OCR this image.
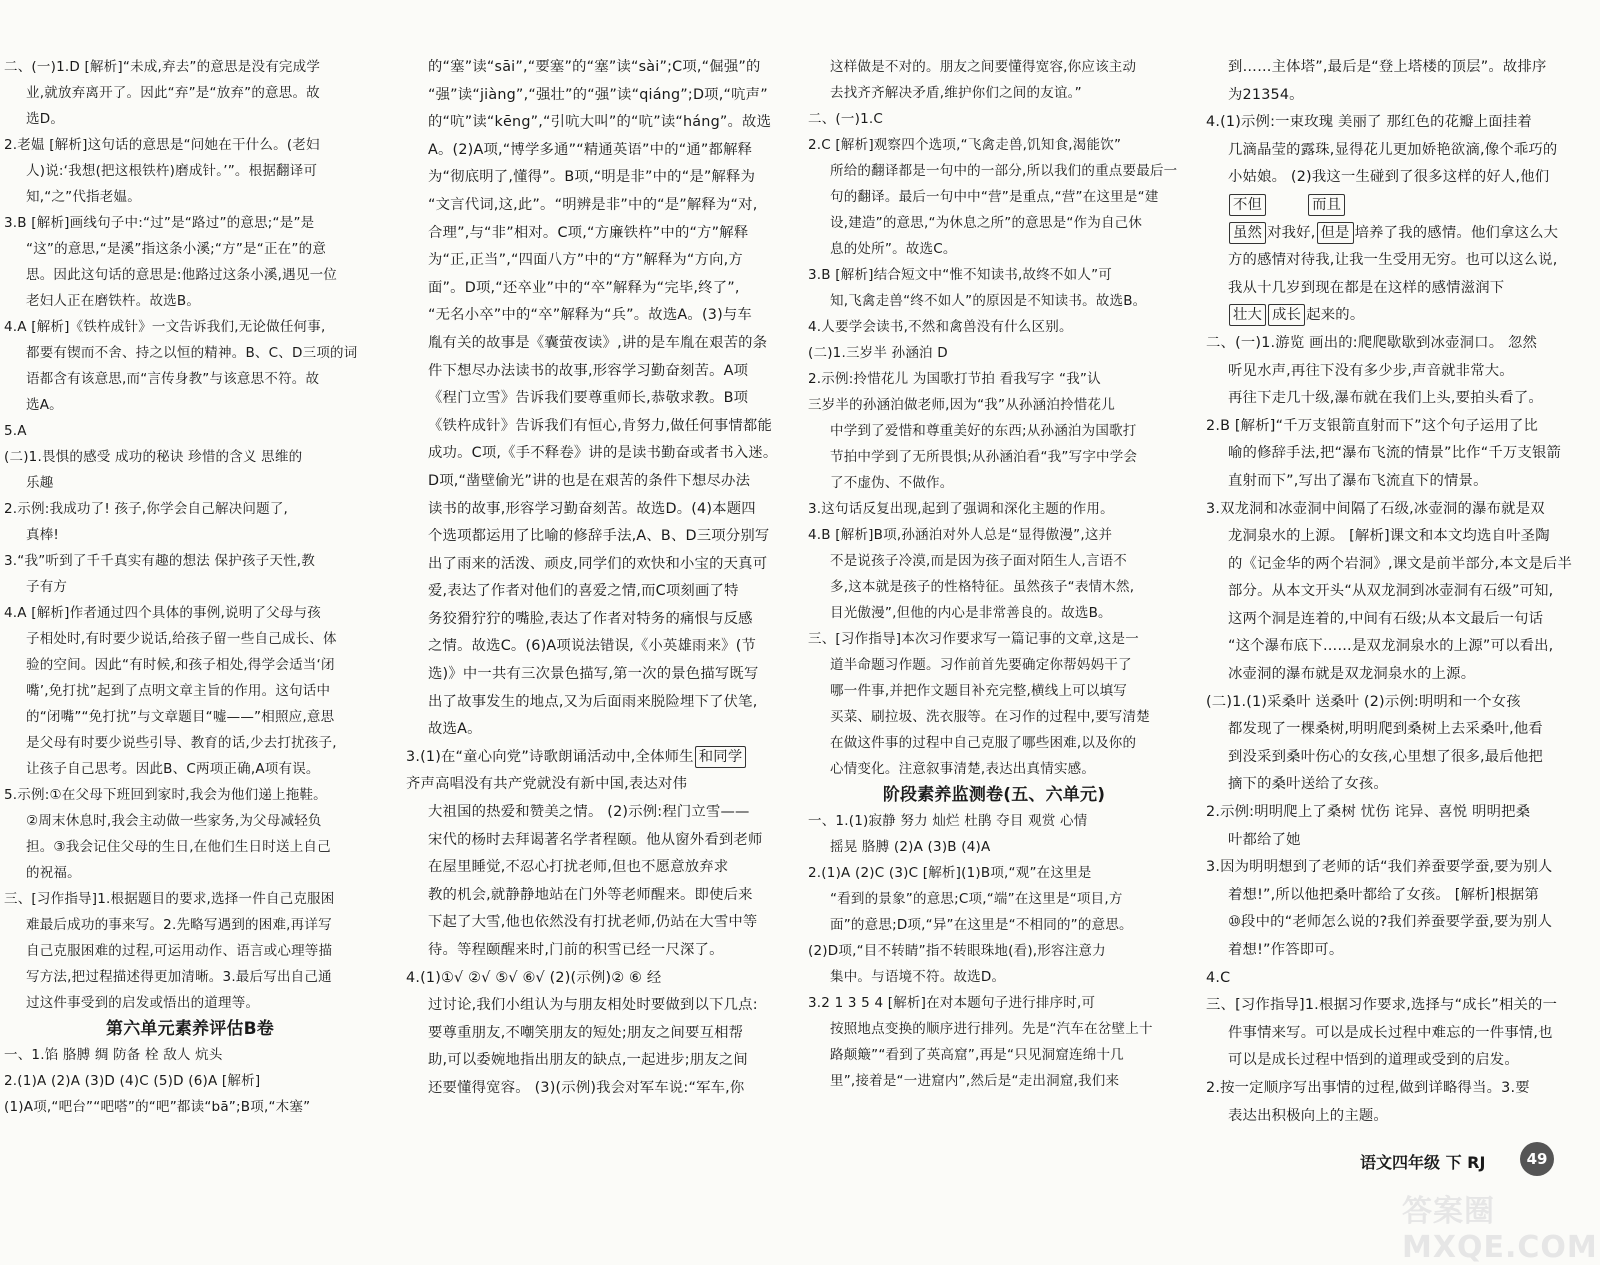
二、(一)1.D [解析]“未成,弃去”的意思是没有完成学

业,就放弃离开了。因此“弃”是“放弃”的意思。故

选D。

2.老媪 [解析]这句话的意思是“问她在干什么。(老妇

人)说:‘我想(把这根铁杵)磨成针。’”。根据翻译可

知,“之”代指老媪。

3.B [解析]画线句子中:“过”是“路过”的意思;“是”是

“这”的意思,“是溪”指这条小溪;“方”是“正在”的意

思。因此这句话的意思是:他路过这条小溪,遇见一位

老妇人正在磨铁杵。故选B。

4.A [解析]《铁杵成针》一文告诉我们,无论做任何事,

都要有锲而不舍、持之以恒的精神。B、C、D三项的词

语都含有该意思,而“言传身教”与该意思不符。故

选A。

5.A

(二)1.畏惧的感受 成功的秘诀 珍惜的含义 思维的

乐趣

2.示例:我成功了! 孩子,你学会自己解决问题了,

真棒!

3.“我”听到了千千真实有趣的想法 保护孩子天性,教

子有方

4.A [解析]作者通过四个具体的事例,说明了父母与孩

子相处时,有时要少说话,给孩子留一些自己成长、体

验的空间。因此“有时候,和孩子相处,得学会适当‘闭

嘴’,免打扰”起到了点明文章主旨的作用。这句话中

的“闭嘴”“免打扰”与文章题目“嘘——”相照应,意思

是父母有时要少说些引导、教育的话,少去打扰孩子,

让孩子自己思考。因此B、C两项正确,A项有误。

5.示例:①在父母下班回到家时,我会为他们递上拖鞋。

②周末休息时,我会主动做一些家务,为父母减轻负

担。③我会记住父母的生日,在他们生日时送上自己

的祝福。

三、[习作指导]1.根据题目的要求,选择一件自己克服困

难最后成功的事来写。2.先略写遇到的困难,再详写

自己克服困难的过程,可运用动作、语言或心理等描

写方法,把过程描述得更加清晰。3.最后写出自己通

过这件事受到的启发或悟出的道理等。

第六单元素养评估B卷

一、1.馅 胳膊 绸 防备 栓 敌人 炕头

2.(1)A (2)A (3)D (4)C (5)D (6)A [解析]

(1)A项,“吧台”“吧嗒”的“吧”都读“bā”;B项,“木塞”

的“塞”读“sāi”,“要塞”的“塞”读“sài”;C项,“倔强”的

“强”读“jiàng”,“强壮”的“强”读“qiáng”;D项,“吭声”

的“吭”读“kēng”,“引吭大叫”的“吭”读“háng”。故选

A。(2)A项,“博学多通”“精通英语”中的“通”都解释

为“彻底明了,懂得”。B项,“明是非”中的“是”解释为

“文言代词,这,此”。“明辨是非”中的“是”解释为“对,

合理”,与“非”相对。C项,“方廉铁杵”中的“方”解释

为“正,正当”,“四面八方”中的“方”解释为“方向,方

面”。D项,“还卒业”中的“卒”解释为“完毕,终了”,

“无名小卒”中的“卒”解释为“兵”。故选A。(3)与车

胤有关的故事是《囊萤夜读》,讲的是车胤在艰苦的条

件下想尽办法读书的故事,形容学习勤奋刻苦。A项

《程门立雪》告诉我们要尊重师长,恭敬求教。B项

《铁杵成针》告诉我们有恒心,肯努力,做任何事情都能

成功。C项,《手不释卷》讲的是读书勤奋或者书入迷。

D项,“凿壁偷光”讲的也是在艰苦的条件下想尽办法

读书的故事,形容学习勤奋刻苦。故选D。(4)本题四

个选项都运用了比喻的修辞手法,A、B、D三项分别写

出了雨来的活泼、顽皮,同学们的欢快和小宝的天真可

爱,表达了作者对他们的喜爱之情,而C项刻画了特

务狡猾狞狞的嘴脸,表达了作者对特务的痛恨与反感

之情。故选C。(6)A项说法错误,《小英雄雨来》(节

选)》中一共有三次景色描写,第一次的景色描写既写

出了故事发生的地点,又为后面雨来脱险埋下了伏笔,

故选A。

3.(1)在“童心向党”诗歌朗诵活动中,全体师生 和同学

齐声高唱没有共产党就没有新中国,表达对伟

大祖国的热爱和赞美之情。 (2)示例:程门立雪——

宋代的杨时去拜谒著名学者程颐。他从窗外看到老师

在屋里睡觉,不忍心打扰老师,但也不愿意放弃求

教的机会,就静静地站在门外等老师醒来。即使后来

下起了大雪,他也依然没有打扰老师,仍站在大雪中等

待。等程颐醒来时,门前的积雪已经一尺深了。

4.(1)①√ ②√ ⑤√ ⑥√ (2)(示例)② ⑥ 经

过讨论,我们小组认为与朋友相处时要做到以下几点:

要尊重朋友,不嘲笑朋友的短处;朋友之间要互相帮

助,可以委婉地指出朋友的缺点,一起进步;朋友之间

还要懂得宽容。 (3)(示例)我会对军车说:“军车,你

这样做是不对的。朋友之间要懂得宽容,你应该主动

去找齐齐解决矛盾,维护你们之间的友谊。”

二、(一)1.C

2.C [解析]观察四个选项,“飞禽走兽,饥知食,渴能饮”

所给的翻译都是一句中的一部分,所以我们的重点要最后一

句的翻译。最后一句中中“营”是重点,“营”在这里是“建

设,建造”的意思,“为休息之所”的意思是“作为自己休

息的处所”。故选C。

3.B [解析]结合短文中“惟不知读书,故终不如人”可

知,飞禽走兽“终不如人”的原因是不知读书。故选B。

4.人要学会读书,不然和禽兽没有什么区别。

(二)1.三岁半 孙涵泊 D

2.示例:拎惜花儿 为国歌打节拍 看我写字 “我”认

三岁半的孙涵泊做老师,因为“我”从孙涵泊拎惜花儿

中学到了爱惜和尊重美好的东西;从孙涵泊为国歌打

节拍中学到了无所畏惧;从孙涵泊看“我”写字中学会

了不虚伪、不做作。

3.这句话反复出现,起到了强调和深化主题的作用。

4.B [解析]B项,孙涵泊对外人总是“显得傲漫”,这并

不是说孩子冷漠,而是因为孩子面对陌生人,言语不

多,这本就是孩子的性格特征。虽然孩子“表情木然,

目光傲漫”,但他的内心是非常善良的。故选B。

三、[习作指导]本次习作要求写一篇记事的文章,这是一

道半命题习作题。习作前首先要确定你帮妈妈干了

哪一件事,并把作文题目补充完整,横线上可以填写

买菜、刷拉圾、洗衣服等。在习作的过程中,要写清楚

在做这件事的过程中自己克服了哪些困难,以及你的

心情变化。注意叙事清楚,表达出真情实感。

阶段素养监测卷(五、六单元)

一、1.(1)寂静 努力 灿烂 杜鹃 夺目 观赏 心情

摇晃 胳膊 (2)A (3)B (4)A

2.(1)A (2)C (3)C [解析](1)B项,“观”在这里是

“看到的景象”的意思;C项,“端”在这里是“项目,方

面”的意思;D项,“异”在这里是“不相同的”的意思。

(2)D项,“目不转睛”指不转眼珠地(看),形容注意力

集中。与语境不符。故选D。

3.2 1 3 5 4 [解析]在对本题句子进行排序时,可

按照地点变换的顺序进行排列。先是“汽车在岔壁上十

路颠簸”“看到了英高窟”,再是“只见洞窟连绵十几

里”,接着是“一进窟内”,然后是“走出洞窟,我们来

到……主体塔”,最后是“登上塔楼的顶层”。故排序

为21354。

4.(1)示例:一束玫瑰 美丽了 那红色的花瓣上面挂着

几滴晶莹的露珠,显得花儿更加娇艳欲滴,像个乖巧的

小姑娘。 (2)我这一生碰到了很多这样的好人,他们

不但	而且

虽然 对我好, 但是 培养了我的感情。他们拿这么大

方的感情对待我,让我一生受用无穷。也可以这么说,

我从十几岁到现在都是在这样的感情滋润下

壮大 成长 起来的。

二、(一)1.游览 画出的:爬爬歇歇到冰壶洞口。 忽然

听见水声,再往下没有多少步,声音就非常大。

再往下走几十级,瀑布就在我们上头,要拍头看了。

2.B [解析]“千万支银箭直射而下”这个句子运用了比

喻的修辞手法,把“瀑布飞流的情景”比作“千万支银箭

直射而下”,写出了瀑布飞流直下的情景。

3.双龙洞和冰壶洞中间隔了石级,冰壶洞的瀑布就是双

龙洞泉水的上源。 [解析]课文和本文均选自叶圣陶

的《记金华的两个岩洞》,课文是前半部分,本文是后半

部分。从本文开头“从双龙洞到冰壶洞有石级”可知,

这两个洞是连着的,中间有石级;从本文最后一句话

“这个瀑布底下……是双龙洞泉水的上源”可以看出,

冰壶洞的瀑布就是双龙洞泉水的上源。

(二)1.(1)采桑叶 送桑叶 (2)示例:明明和一个女孩

都发现了一棵桑树,明明爬到桑树上去采桑叶,他看

到没采到桑叶伤心的女孩,心里想了很多,最后他把

摘下的桑叶送给了女孩。

2.示例:明明爬上了桑树 忧伤 诧异、喜悦 明明把桑

叶都给了她

3.因为明明想到了老师的话“我们养蚕要学蚕,要为别人

着想!”,所以他把桑叶都给了女孩。 [解析]根据第

⑩段中的“老师怎么说的?我们养蚕要学蚕,要为别人

着想!”作答即可。

4.C

三、[习作指导]1.根据习作要求,选择与“成长”相关的一

件事情来写。可以是成长过程中难忘的一件事情,也

可以是成长过程中悟到的道理或受到的启发。

2.按一定顺序写出事情的过程,做到详略得当。3.要

表达出积极向上的主题。

语文四年级 下 RJ	49
答案圈 MXQE.COM
